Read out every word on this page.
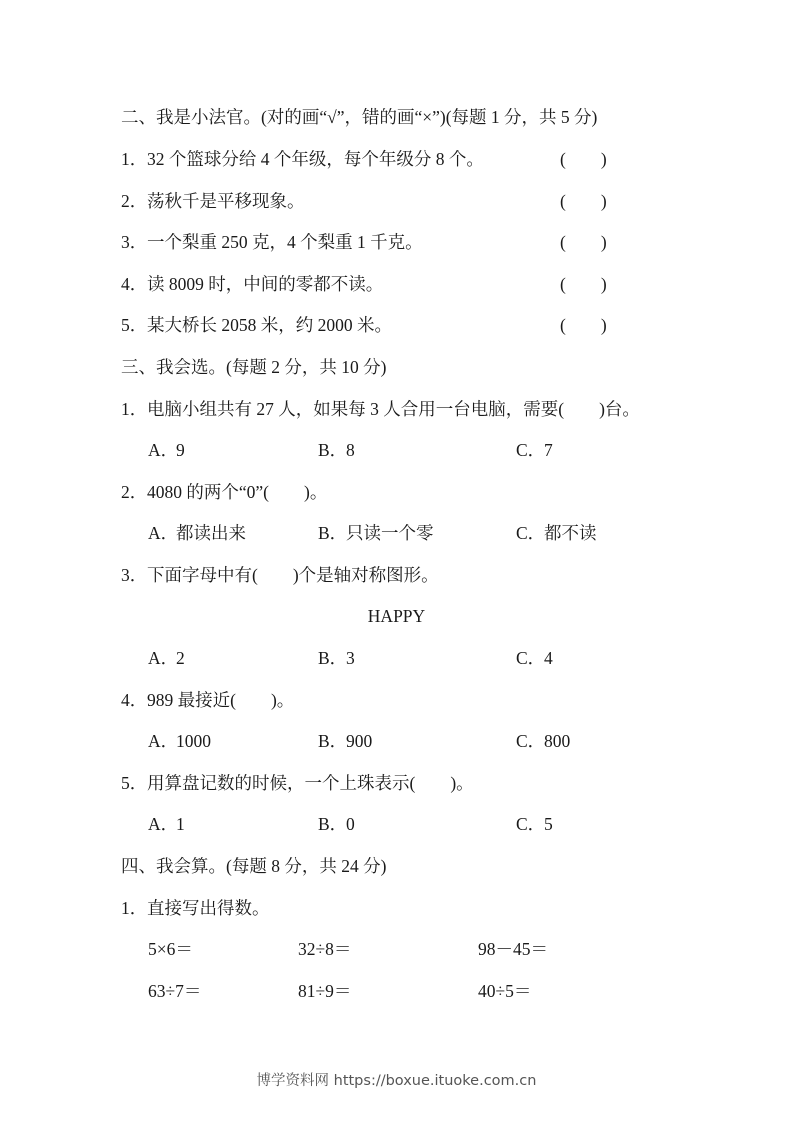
二、我是小法官。(对的画“√”，错的画“×”)(每题 1 分，共 5 分)
1．32 个篮球分给 4 个年级，每个年级分 8 个。	(　　)
2．荡秋千是平移现象。	(　　)
3．一个梨重 250 克，4 个梨重 1 千克。	(　　)
4．读 8009 时，中间的零都不读。	(　　)
5．某大桥长 2058 米，约 2000 米。	(　　)
三、我会选。(每题 2 分，共 10 分)
1．电脑小组共有 27 人，如果每 3 人合用一台电脑，需要(　　)台。
A．9	B．8	C．7
2．4080 的两个“0”(　　)。
A．都读出来	B．只读一个零	C．都不读
3．下面字母中有(　　)个是轴对称图形。
HAPPY
A．2	B．3	C．4
4．989 最接近(　　)。
A．1000	B．900	C．800
5．用算盘记数的时候，一个上珠表示(　　)。
A．1	B．0	C．5
四、我会算。(每题 8 分，共 24 分)
1．直接写出得数。
5×6＝	32÷8＝	98－45＝
63÷7＝	81÷9＝	40÷5＝
博学资料网 https://boxue.ituoke.com.cn
